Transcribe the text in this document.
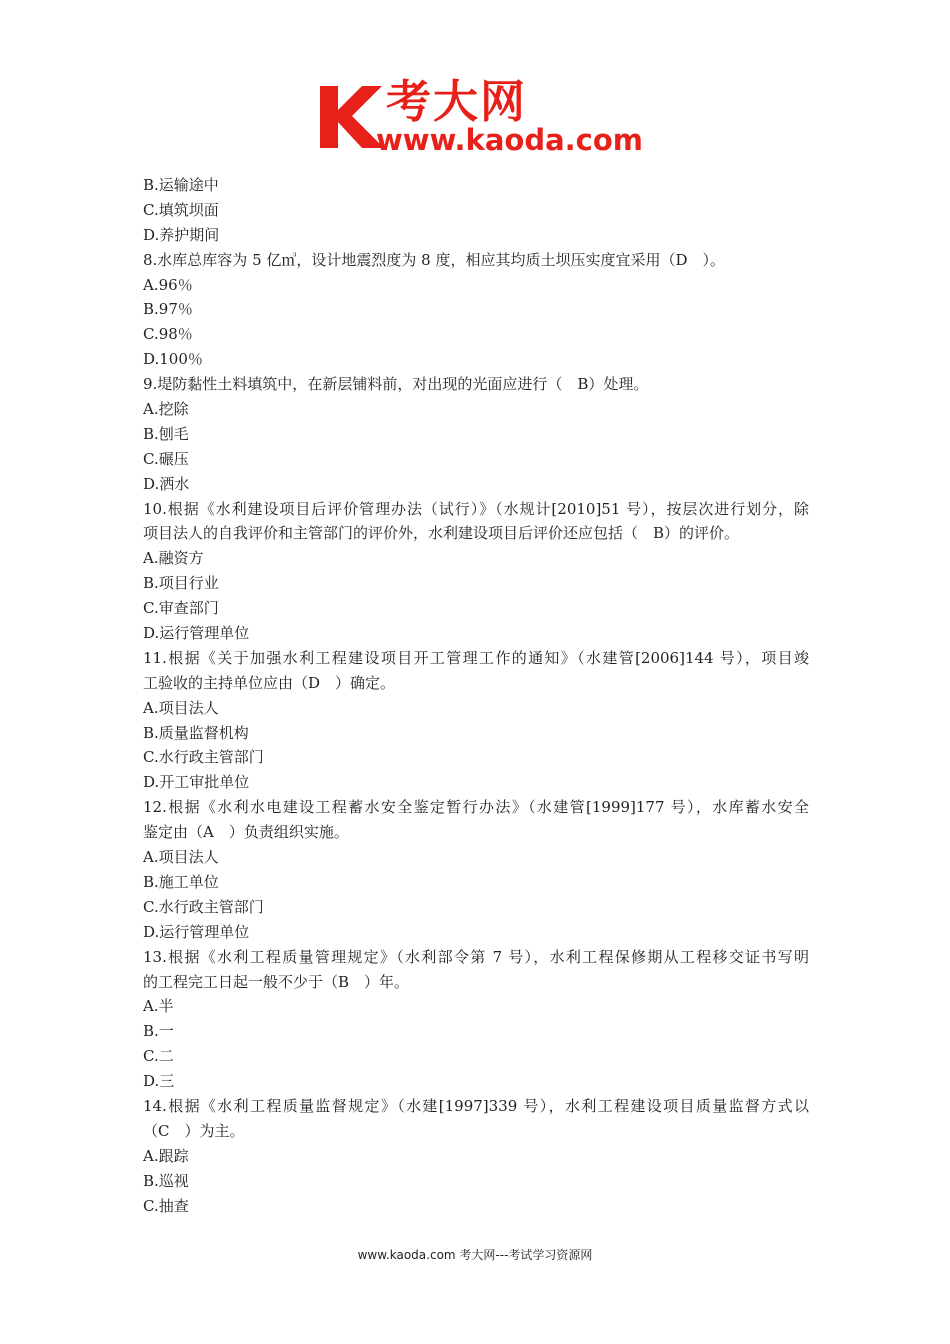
考大网
www.kaoda.com
B.运输途中
C.填筑坝面
D.养护期间
8.水库总库容为 5 亿㎥，设计地震烈度为 8 度，相应其均质土坝压实度宜采用（D　）。
A.96％
B.97％
C.98％
D.100％
9.堤防黏性土料填筑中，在新层铺料前，对出现的光面应进行（　B）处理。
A.挖除
B.刨毛
C.碾压
D.洒水
10.根据《水利建设项目后评价管理办法（试行）》（水规计[2010]51 号），按层次进行划分，除
项目法人的自我评价和主管部门的评价外，水利建设项目后评价还应包括（　B）的评价。
A.融资方
B.项目行业
C.审查部门
D.运行管理单位
11.根据《关于加强水利工程建设项目开工管理工作的通知》（水建管[2006]144 号），项目竣
工验收的主持单位应由（D　）确定。
A.项目法人
B.质量监督机构
C.水行政主管部门
D.开工审批单位
12.根据《水利水电建设工程蓄水安全鉴定暂行办法》（水建管[1999]177 号），水库蓄水安全
鉴定由（A　）负责组织实施。
A.项目法人
B.施工单位
C.水行政主管部门
D.运行管理单位
13.根据《水利工程质量管理规定》（水利部令第 7 号），水利工程保修期从工程移交证书写明
的工程完工日起一般不少于（B　）年。
A.半
B.一
C.二
D.三
14.根据《水利工程质量监督规定》（水建[1997]339 号），水利工程建设项目质量监督方式以
（C　）为主。
A.跟踪
B.巡视
C.抽查
www.kaoda.com 考大网---考试学习资源网
